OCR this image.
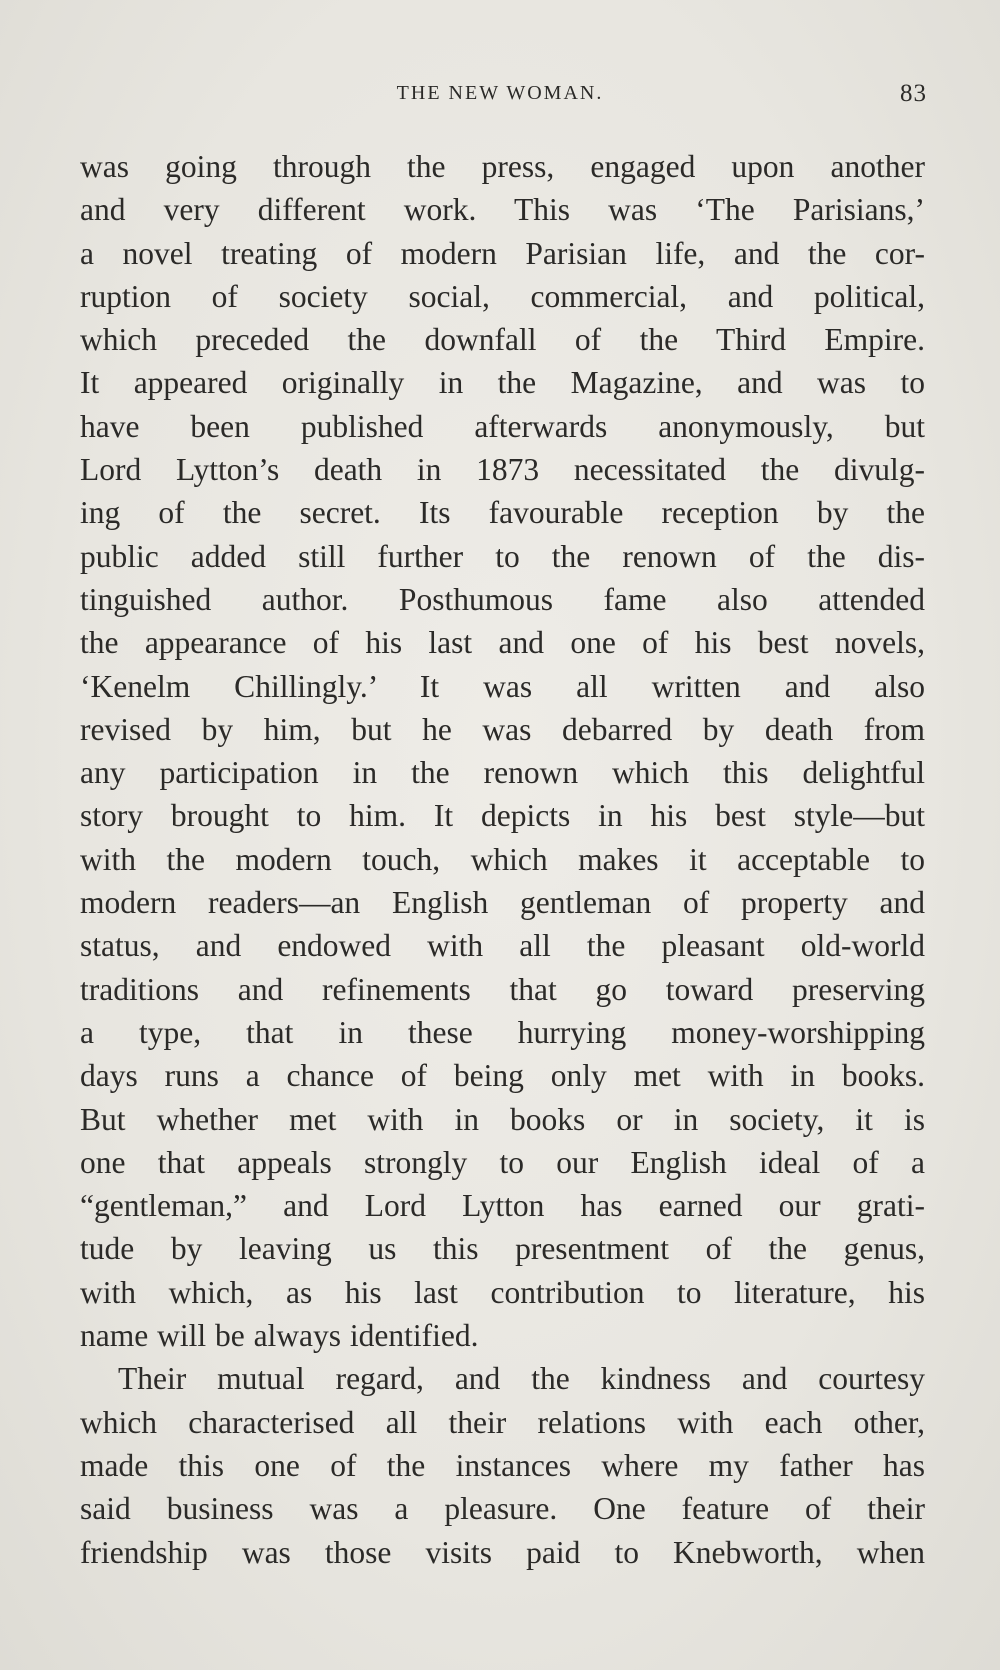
THE NEW WOMAN.	83
was going through the press, engaged upon another
and very different work. This was ‘The Parisians,’
a novel treating of modern Parisian life, and the cor-
ruption of society social, commercial, and political,
which preceded the downfall of the Third Empire.
It appeared originally in the Magazine, and was to
have been published afterwards anonymously, but
Lord Lytton’s death in 1873 necessitated the divulg-
ing of the secret. Its favourable reception by the
public added still further to the renown of the dis-
tinguished author. Posthumous fame also attended
the appearance of his last and one of his best novels,
‘Kenelm Chillingly.’ It was all written and also
revised by him, but he was debarred by death from
any participation in the renown which this delightful
story brought to him. It depicts in his best style—but
with the modern touch, which makes it acceptable to
modern readers—an English gentleman of property and
status, and endowed with all the pleasant old-world
traditions and refinements that go toward preserving
a type, that in these hurrying money-worshipping
days runs a chance of being only met with in books.
But whether met with in books or in society, it is
one that appeals strongly to our English ideal of a
“gentleman,” and Lord Lytton has earned our grati-
tude by leaving us this presentment of the genus,
with which, as his last contribution to literature, his
name will be always identified.
Their mutual regard, and the kindness and courtesy
which characterised all their relations with each other,
made this one of the instances where my father has
said business was a pleasure. One feature of their
friendship was those visits paid to Knebworth, when
